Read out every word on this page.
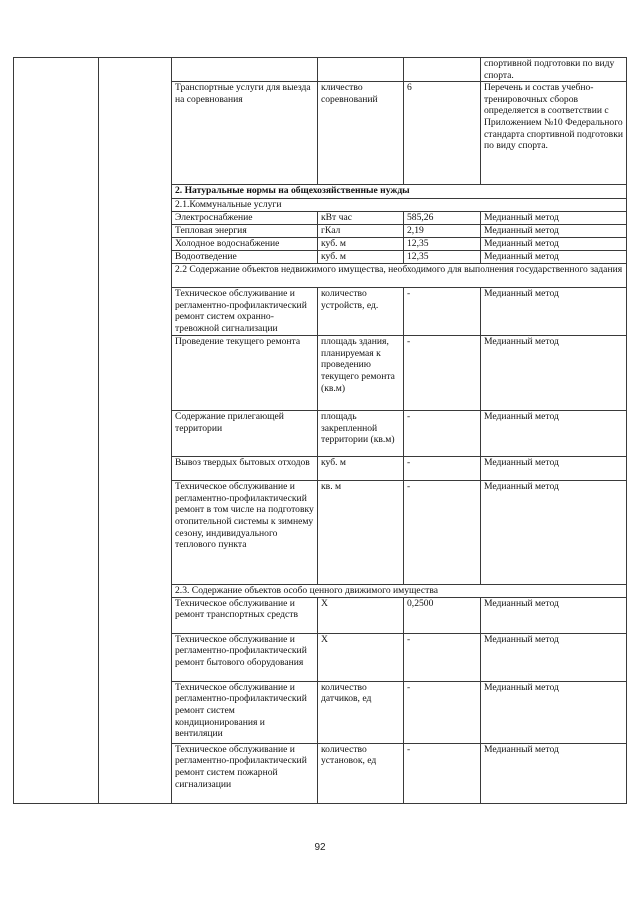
					спортивной подготовки по виду спорта.
		Транспортные услуги для выезда на соревнования	кличество соревнований	6	Перечень и состав учебно-тренировочных сборов определяется в соответствии с Приложением №10 Федерального стандарта спортивной подготовки по виду спорта.
		2. Натуральные нормы на общехозяйственные нужды			
		2.1.Коммунальные услуги			
		Электроснабжение	кВт час	585,26	Медианный метод
		Тепловая энергия	гКал	2,19	Медианный метод
		Холодное водоснабжение	куб. м	12,35	Медианный метод
		Водоотведение	куб. м	12,35	Медианный метод
		2.2 Содержание объектов недвижимого имущества, необходимого для выполнения государственного задания			
		Техническое обслуживание и регламентно-профилактический ремонт систем охранно-тревожной сигнализации	количество устройств, ед.	-	Медианный метод
		Проведение текущего ремонта	площадь здания, планируемая к проведению текущего ремонта (кв.м)	-	Медианный метод
		Содержание прилегающей территории	площадь закрепленной территории (кв.м)	-	Медианный метод
		Вывоз твердых бытовых отходов	куб. м	-	Медианный метод
		Техническое обслуживание и регламентно-профилактический ремонт в том числе на подготовку отопительной системы к зимнему сезону, индивидуального теплового пункта	кв. м	-	Медианный метод
		2.3. Содержание объектов особо ценного движимого имущества			
		Техническое обслуживание и ремонт транспортных средств	Х	0,2500	Медианный метод
		Техническое обслуживание и регламентно-профилактический ремонт бытового оборудования	Х	-	Медианный метод
		Техническое обслуживание и регламентно-профилактический ремонт систем кондиционирования и вентиляции	количество датчиков, ед	-	Медианный метод
		Техническое обслуживание и регламентно-профилактический ремонт систем пожарной сигнализации	количество установок, ед	-	Медианный метод
92
